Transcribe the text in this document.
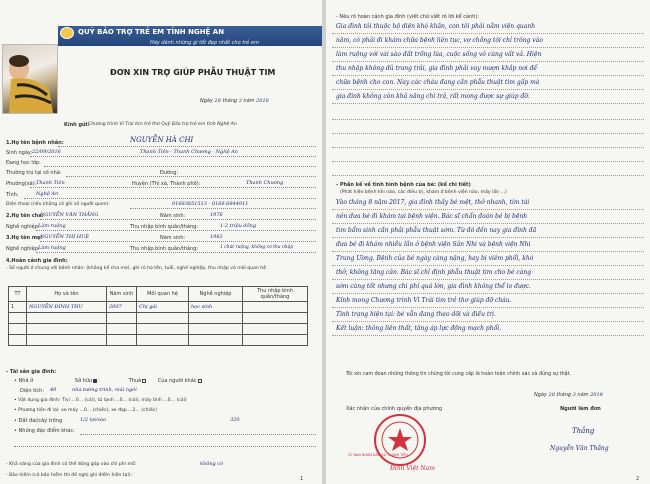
QUỸ BẢO TRỢ TRẺ EM TỈNH NGHỆ AN
Hãy dành những gì tốt đẹp nhất cho trẻ em
ĐƠN XIN TRỢ GIÚP PHẪU THUẬT TIM
Ngày 28 tháng 3 năm 2018
Kính gửi:
Chương trình Vì Trái tim trẻ thơ Quỹ Bảo trợ trẻ em tỉnh Nghệ An
1.Họ tên bệnh nhân:	NGUYỄN HÀ CHI
Sinh ngày: 22/09/2016	Thanh Tiên - Thanh Chương - Nghệ An
Đang học lớp:
Thường trú tại số nhà:	Đường:
Phường(xã): Thanh Tiên	Huyện (Thị xã, Thành phố):	Thanh Chương
Tỉnh:	Nghệ An
Điện thoại (nếu không có ghi số người quen):	01683851513 - 0168.6844911
2.Họ tên cha:
NGUYỄN VĂN THẮNG	Năm sinh:	1976
Nghề nghiệp:
Làm ruộng	Thu nhập bình quân/tháng:	1-2 triệu đồng
3.Họ tên mẹ:
NGUYỄN THỊ HUỆ	Năm sinh:	1982
Nghề nghiệp:
Làm ruộng	Thu nhập bình quân/tháng:	1 chút ruộng, không có thu nhập
4.Hoàn cảnh gia đình:
- Số người ở chung với bệnh nhân: (không kể cha mẹ), ghi rõ họ tên, tuổi, nghề nghiệp, thu nhập và mối quan hệ
TT	Họ và tên	Năm sinh	Mối quan hệ	Nghề nghiệp	Thu nhập bình quân/tháng
1	NGUYỄN ĐÌNH THU	2007	Chị gái	học sinh	

- Tài sản gia đình:
• Nhà ở	Sở hữu	Thuê	Của người khác
Diện tích: 40	nhà tường trình, mái ngói
• Vật dụng gia đình: Tivi ...0... (cái), tủ lạnh ...0... (cái), máy tính ...0... (cái)
• Phương tiện đi lại: xe máy ...0... (chiếc), xe đạp ...2... (chiếc)
• Đất đai/cây trồng	1/2 lợi/sào	320
• Những đặc điểm khác:
- Khả năng của gia đình có thể đóng góp vào chi phí mổ:	không có
- Bảo hiểm (có bảo hiểm thì đề nghị ghi điểm hiện tại):
1
- Nêu rõ hoàn cảnh gia đình (viết chữ viết rõ lời kể cảnh):
Gia đình tôi thuộc hộ diện khó khăn, con tôi phải nằm viện quanh
năm, có phải đi khám chữa bệnh liên tục, vợ chồng tôi chỉ trông vào
làm ruộng với vài sào đất trồng lúa, cuộc sống vô cùng vất vả. Hiện
thu nhập không đủ trang trải, gia đình phải vay mượn khắp nơi để
chữa bệnh cho con. Nay các cháu đang cần phẫu thuật tim gấp mà
gia đình không còn khả năng chi trả, rất mong được sự giúp đỡ.
- Phần kể về tình hình bệnh của bé: (kể chi tiết)
(Phát hiện bệnh khi nào, các điều trị, khám ở bệnh viện nào, mấy lần ...)
Vào tháng 8 năm 2017, gia đình thấy bé mệt, thở nhanh, tím tái
nên đưa bé đi khám tại bệnh viện. Bác sĩ chẩn đoán bé bị bệnh
tim bẩm sinh cần phải phẫu thuật sớm. Từ đó đến nay gia đình đã
đưa bé đi khám nhiều lần ở bệnh viện Sản Nhi và bệnh viện Nhi
Trung Ương. Bệnh của bé ngày càng nặng, hay bị viêm phổi, khó
thở, không tăng cân. Bác sĩ chỉ định phẫu thuật tim cho bé càng
sớm càng tốt nhưng chi phí quá lớn, gia đình không thể lo được.
Kính mong Chương trình Vì Trái tim trẻ thơ giúp đỡ cháu.
Tình trạng hiện tại: bé vẫn đang theo dõi và điều trị.
Kết luận: thông liên thất, tăng áp lực động mạch phổi.
Tôi xin cam đoan những thông tin chúng tôi cung cấp là hoàn toàn chính xác và đúng sự thật.
Ngày 28 tháng 3 năm 2018
Xác nhận của chính quyền địa phương	Người làm đơn
ỦY BAN NHÂN DÂN XÃ THANH TIÊN
Đinh Việt Nam
Thắng
Nguyễn Văn Thắng
2
